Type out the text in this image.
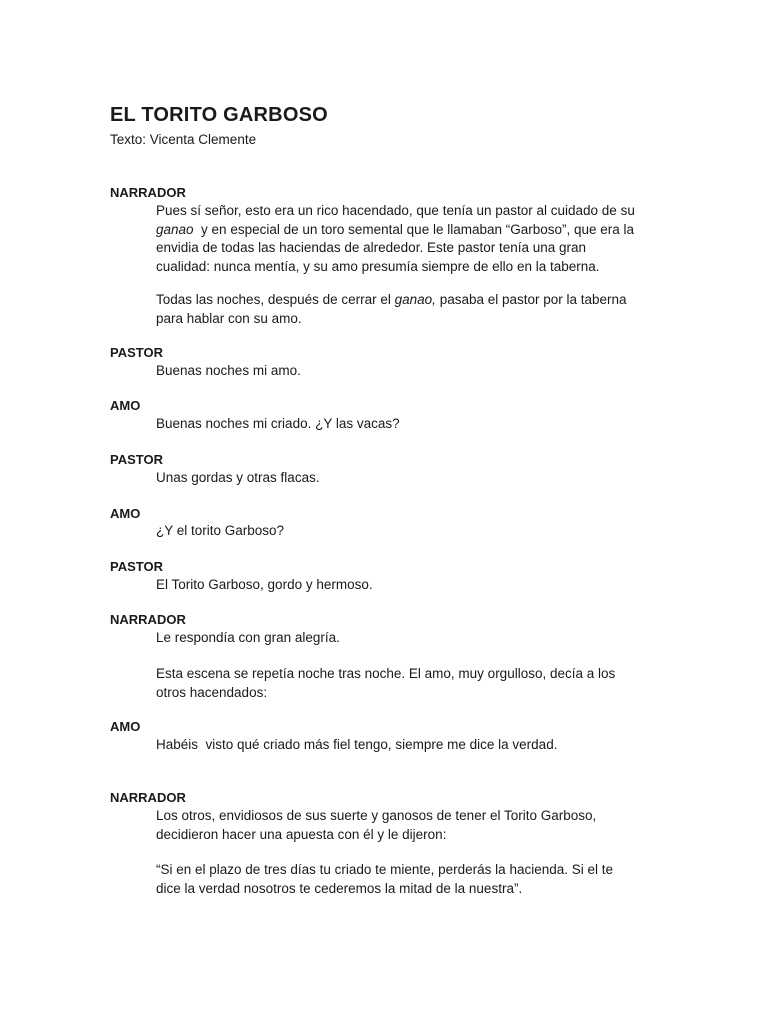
EL TORITO GARBOSO
Texto: Vicenta Clemente
NARRADOR
Pues sí señor, esto era un rico hacendado, que tenía un pastor al cuidado de su
ganao  y en especial de un toro semental que le llamaban “Garboso”, que era la
envidia de todas las haciendas de alrededor. Este pastor tenía una gran
cualidad: nunca mentía, y su amo presumía siempre de ello en la taberna.
Todas las noches, después de cerrar el ganao, pasaba el pastor por la taberna
para hablar con su amo.
PASTOR
Buenas noches mi amo.
AMO
Buenas noches mi criado. ¿Y las vacas?
PASTOR
Unas gordas y otras flacas.
AMO
¿Y el torito Garboso?
PASTOR
El Torito Garboso, gordo y hermoso.
NARRADOR
Le respondía con gran alegría.
Esta escena se repetía noche tras noche. El amo, muy orgulloso, decía a los
otros hacendados:
AMO
Habéis  visto qué criado más fiel tengo, siempre me dice la verdad.
NARRADOR
Los otros, envidiosos de sus suerte y ganosos de tener el Torito Garboso,
decidieron hacer una apuesta con él y le dijeron:
“Si en el plazo de tres días tu criado te miente, perderás la hacienda. Si el te
dice la verdad nosotros te cederemos la mitad de la nuestra”.
